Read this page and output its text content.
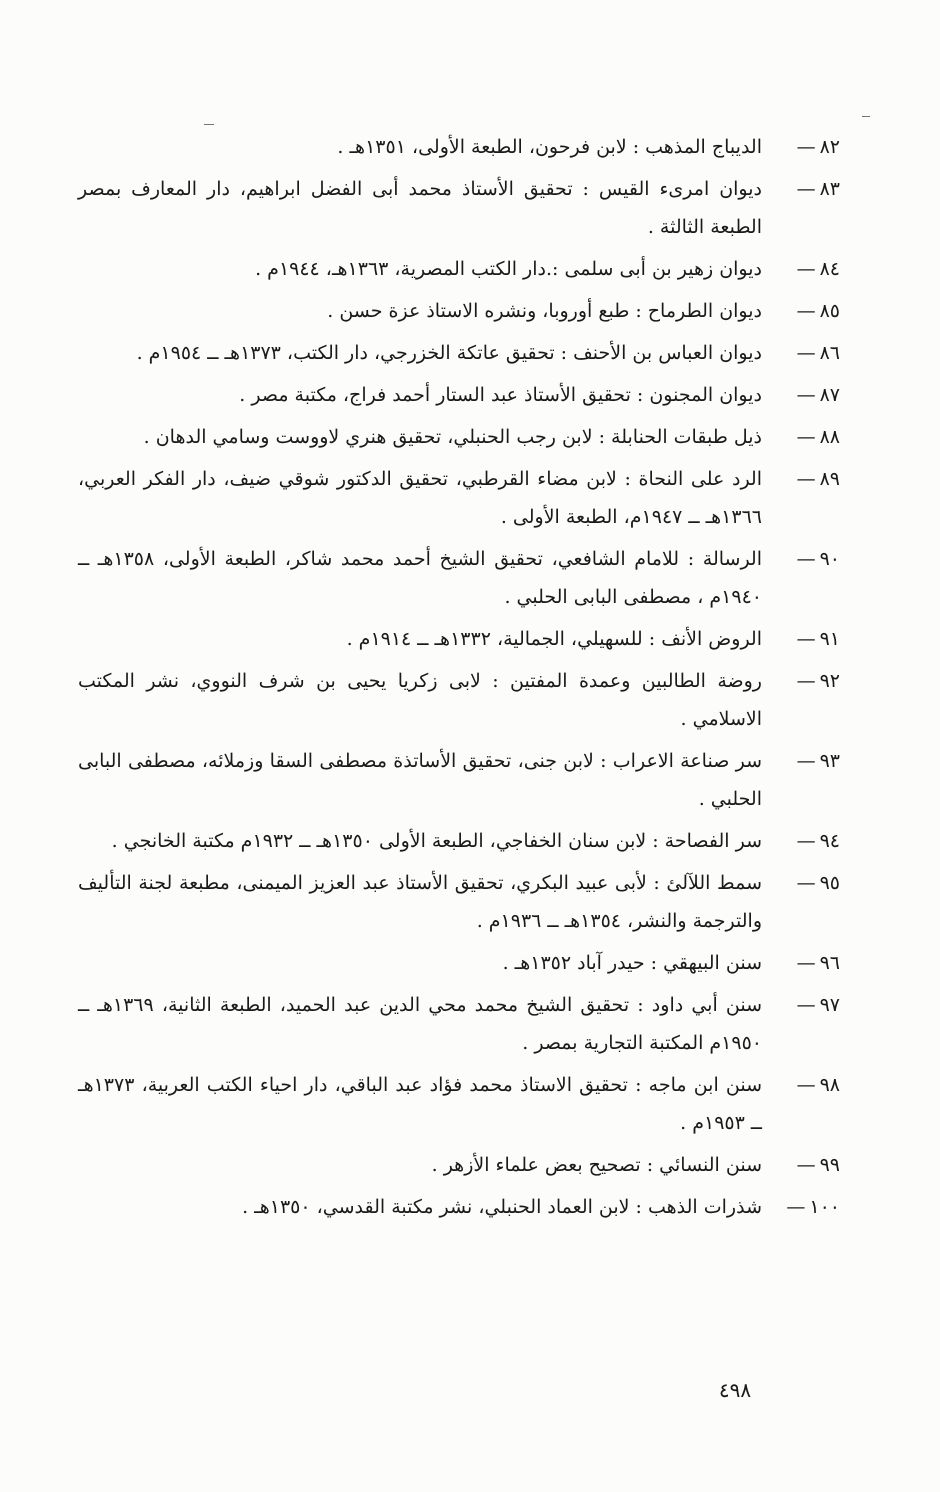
٨٢—
الديباج المذهب : لابن فرحون، الطبعة الأولى، ١٣٥١هـ .
٨٣—
ديوان امرىء القيس : تحقيق الأستاذ محمد أبى الفضل ابراهيم، دار المعارف بمصر الطبعة الثالثة .
٨٤—
ديوان زهير بن أبى سلمى :.دار الكتب المصرية، ١٣٦٣هـ، ١٩٤٤م .
٨٥—
ديوان الطرماح : طبع أوروبا، ونشره الاستاذ عزة حسن .
٨٦—
ديوان العباس بن الأحنف : تحقيق عاتكة الخزرجي، دار الكتب، ١٣٧٣هـ ــ ١٩٥٤م .
٨٧—
ديوان المجنون : تحقيق الأستاذ عبد الستار أحمد فراج، مكتبة مصر .
٨٨—
ذيل طبقات الحنابلة : لابن رجب الحنبلي، تحقيق هنري لاووست وسامي الدهان .
٨٩—
الرد على النحاة : لابن مضاء القرطبي، تحقيق الدكتور شوقي ضيف، دار الفكر العربي، ١٣٦٦هـ ــ ١٩٤٧م، الطبعة الأولى .
٩٠—
الرسالة : للامام الشافعي، تحقيق الشيخ أحمد محمد شاكر، الطبعة الأولى، ١٣٥٨هـ ــ ١٩٤٠م ، مصطفى البابى الحلبي .
٩١—
الروض الأنف : للسهيلي، الجمالية، ١٣٣٢هـ ــ ١٩١٤م .
٩٢—
روضة الطالبين وعمدة المفتين : لابى زكريا يحيى بن شرف النووي، نشر المكتب الاسلامي .
٩٣—
سر صناعة الاعراب : لابن جنى، تحقيق الأساتذة مصطفى السقا وزملائه، مصطفى البابى الحلبي .
٩٤—
سر الفصاحة : لابن سنان الخفاجي، الطبعة الأولى ١٣٥٠هـ ــ ١٩٣٢م مكتبة الخانجي .
٩٥—
سمط اللآلئ : لأبى عبيد البكري، تحقيق الأستاذ عبد العزيز الميمنى، مطبعة لجنة التأليف والترجمة والنشر، ١٣٥٤هـ ــ ١٩٣٦م .
٩٦—
سنن البيهقي : حيدر آباد ١٣٥٢هـ .
٩٧—
سنن أبي داود : تحقيق الشيخ محمد محي الدين عبد الحميد، الطبعة الثانية، ١٣٦٩هـ ــ ١٩٥٠م المكتبة التجارية بمصر .
٩٨—
سنن ابن ماجه : تحقيق الاستاذ محمد فؤاد عبد الباقي، دار احياء الكتب العربية، ١٣٧٣هـ ــ ١٩٥٣م .
٩٩—
سنن النسائي : تصحيح بعض علماء الأزهر .
١٠٠—
شذرات الذهب : لابن العماد الحنبلي، نشر مكتبة القدسي، ١٣٥٠هـ .
٤٩٨
